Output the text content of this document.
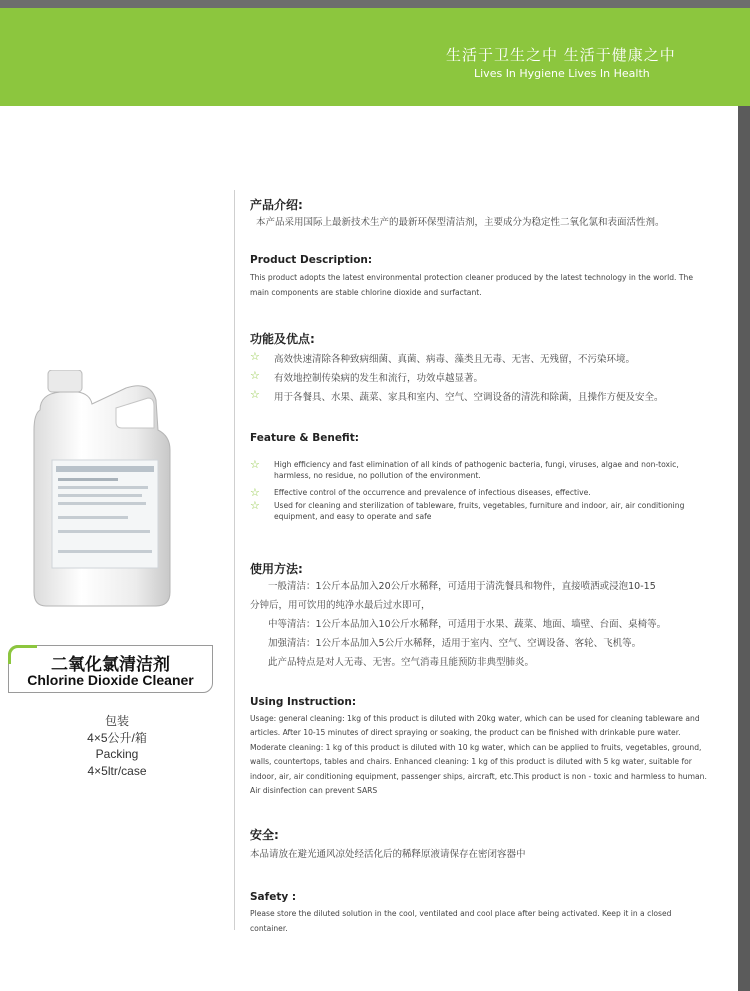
生活于卫生之中 生活于健康之中
Lives In Hygiene Lives In Health
二氧化氯清洁剂
Chlorine Dioxide Cleaner
包装
4×5公升/箱
Packing
4×5ltr/case
产品介绍:
本产品采用国际上最新技术生产的最新环保型清洁剂，主要成分为稳定性二氧化氯和表面活性剂。
Product Description:
This product adopts the latest environmental protection cleaner produced by the latest technology in the world. The main components are stable chlorine dioxide and surfactant.
功能及优点:
☆ 高效快速清除各种致病细菌、真菌、病毒、藻类且无毒、无害、无残留，不污染环境。
☆ 有效地控制传染病的发生和流行，功效卓越显著。
☆ 用于各餐具、水果、蔬菜、家具和室内、空气、空调设备的清洗和除菌，且操作方便及安全。
Feature & Benefit:
☆ High efficiency and fast elimination of all kinds of pathogenic bacteria, fungi, viruses, algae and non-toxic, harmless, no residue, no pollution of the environment.
☆ Effective control of the occurrence and prevalence of infectious diseases, effective.
☆ Used for cleaning and sterilization of tableware, fruits, vegetables, furniture and indoor, air, air conditioning equipment, and easy to operate and safe
使用方法:
一般清洁：1公斤本品加入20公斤水稀释，可适用于清洗餐具和物件，直接喷洒或浸泡10-15
分钟后，用可饮用的纯净水最后过水即可，
中等清洁：1公斤本品加入10公斤水稀释，可适用于水果、蔬菜、地面、墙壁、台面、桌椅等。
加强清洁：1公斤本品加入5公斤水稀释，适用于室内、空气、空调设备、客轮、飞机等。
此产品特点是对人无毒、无害。空气消毒且能预防非典型肺炎。
Using Instruction:
Usage: general cleaning: 1kg of this product is diluted with 20kg water, which can be used for cleaning tableware and articles. After 10-15 minutes of direct spraying or soaking, the product can be finished with drinkable pure water. Moderate cleaning: 1 kg of this product is diluted with 10 kg water, which can be applied to fruits, vegetables, ground, walls, countertops, tables and chairs. Enhanced cleaning: 1 kg of this product is diluted with 5 kg water, suitable for indoor, air, air conditioning equipment, passenger ships, aircraft, etc.This product is non - toxic and harmless to human. Air disinfection can prevent SARS
安全:
本品请放在避光通风凉处经活化后的稀释原液请保存在密闭容器中
Safety :
Please store the diluted solution in the cool, ventilated and cool place after being activated. Keep it in a closed container.
